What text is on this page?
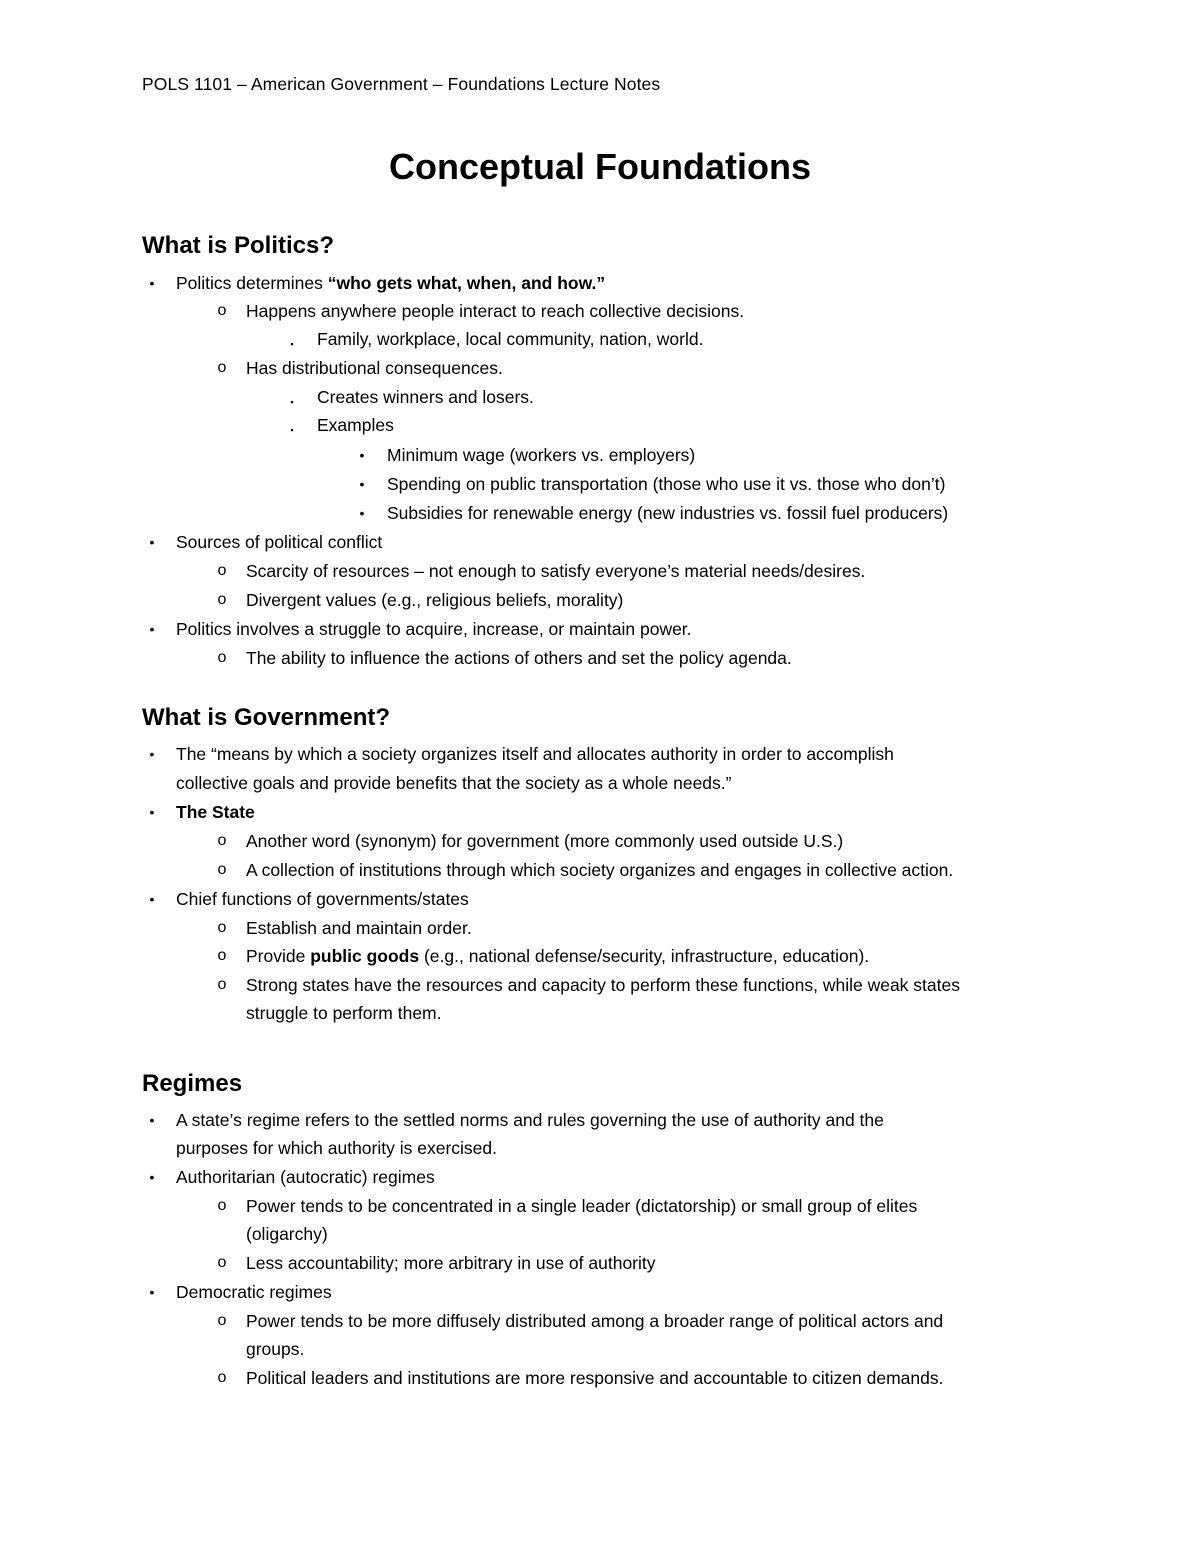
POLS 1101 – American Government – Foundations Lecture Notes
Conceptual Foundations
What is Politics?
•	Politics determines “who gets what, when, and how.”
o	Happens anywhere people interact to reach collective decisions.
▪	Family, workplace, local community, nation, world.
o	Has distributional consequences.
▪	Creates winners and losers.
▪	Examples
•	Minimum wage (workers vs. employers)
•	Spending on public transportation (those who use it vs. those who don’t)
•	Subsidies for renewable energy (new industries vs. fossil fuel producers)
•	Sources of political conflict
o	Scarcity of resources – not enough to satisfy everyone’s material needs/desires.
o	Divergent values (e.g., religious beliefs, morality)
•	Politics involves a struggle to acquire, increase, or maintain power.
o	The ability to influence the actions of others and set the policy agenda.
What is Government?
•	The “means by which a society organizes itself and allocates authority in order to accomplish
collective goals and provide benefits that the society as a whole needs.”
•	The State
o	Another word (synonym) for government (more commonly used outside U.S.)
o	A collection of institutions through which society organizes and engages in collective action.
•	Chief functions of governments/states
o	Establish and maintain order.
o	Provide public goods (e.g., national defense/security, infrastructure, education).
o	Strong states have the resources and capacity to perform these functions, while weak states
struggle to perform them.
Regimes
•	A state’s regime refers to the settled norms and rules governing the use of authority and the
purposes for which authority is exercised.
•	Authoritarian (autocratic) regimes
o	Power tends to be concentrated in a single leader (dictatorship) or small group of elites
(oligarchy)
o	Less accountability; more arbitrary in use of authority
•	Democratic regimes
o	Power tends to be more diffusely distributed among a broader range of political actors and
groups.
o	Political leaders and institutions are more responsive and accountable to citizen demands.
